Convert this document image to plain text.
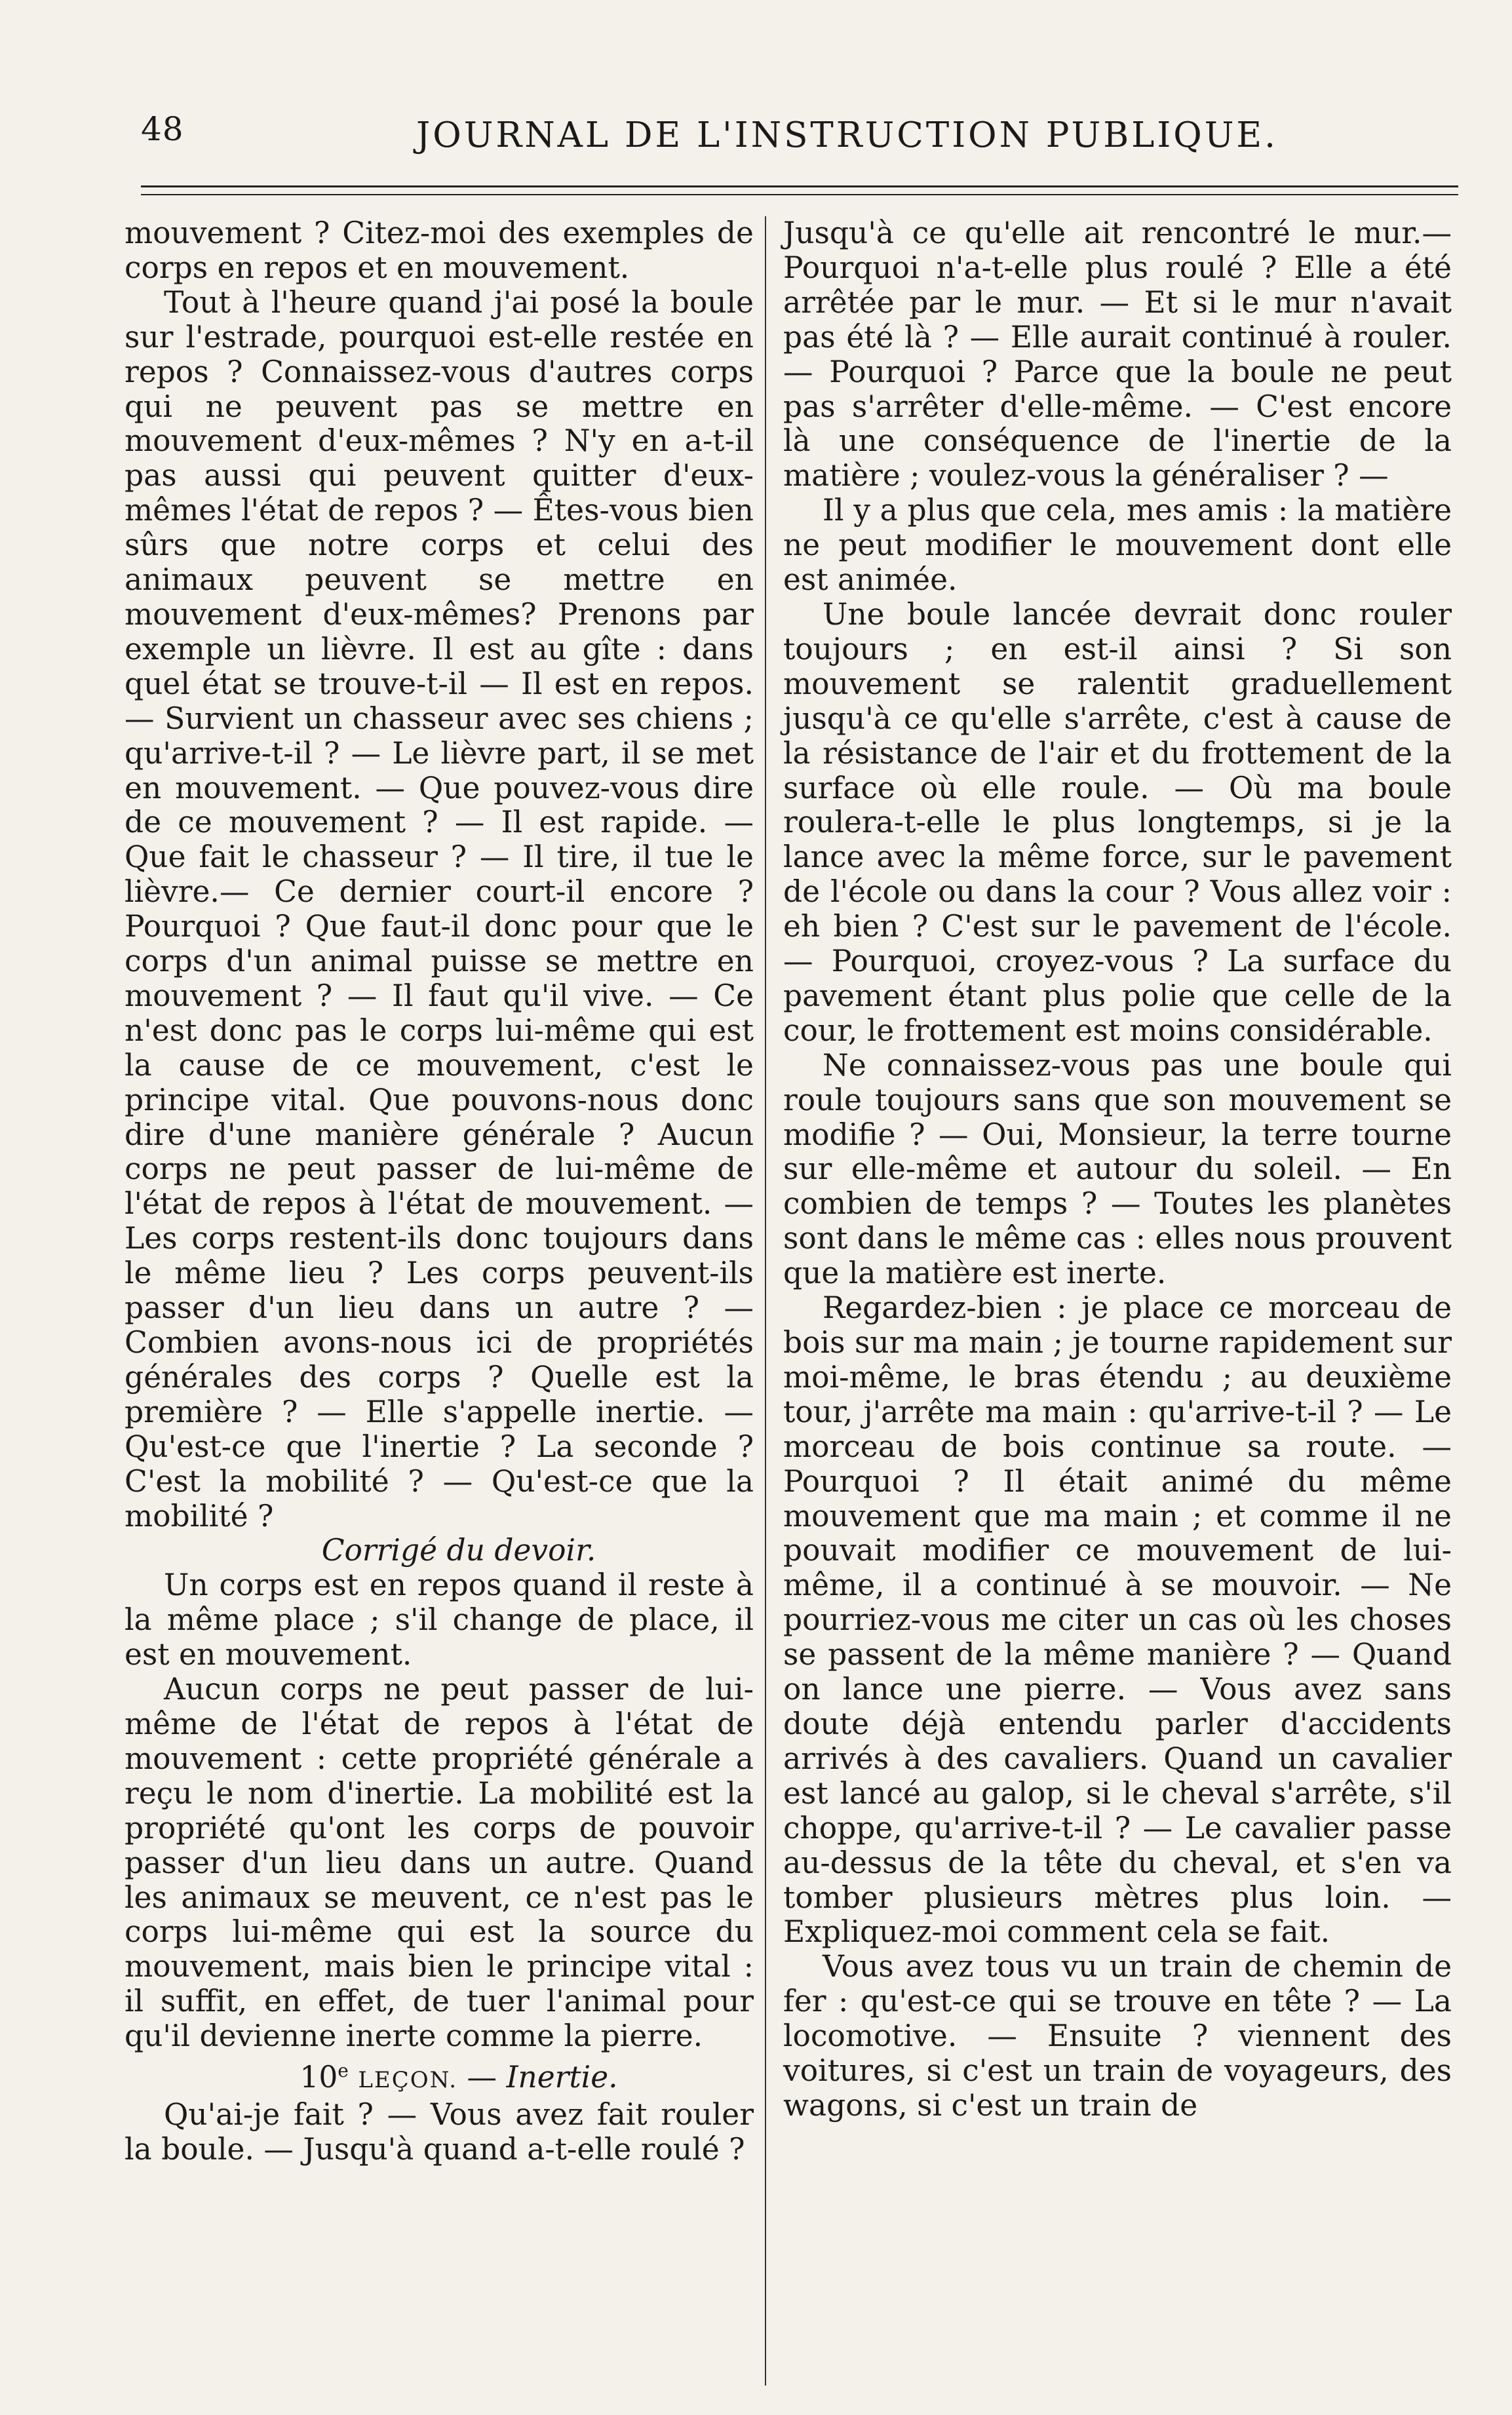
48	JOURNAL DE L'INSTRUCTION PUBLIQUE.

mouvement ? Citez-moi des exemples de corps en repos et en mouvement.

Tout à l'heure quand j'ai posé la boule sur l'estrade, pourquoi est-elle restée en repos ? Connaissez-vous d'autres corps qui ne peuvent pas se mettre en mouvement d'eux-mêmes ? N'y en a-t-il pas aussi qui peuvent quitter d'eux-mêmes l'état de repos ? — Êtes-vous bien sûrs que notre corps et celui des animaux peuvent se mettre en mouvement d'eux-mêmes? Prenons par exemple un lièvre. Il est au gîte : dans quel état se trouve-t-il — Il est en repos. — Survient un chasseur avec ses chiens ; qu'arrive-t-il ? — Le lièvre part, il se met en mouvement. — Que pouvez-vous dire de ce mouvement ? — Il est rapide. — Que fait le chasseur ? — Il tire, il tue le lièvre.— Ce dernier court-il encore ? Pourquoi ? Que faut-il donc pour que le corps d'un animal puisse se mettre en mouvement ? — Il faut qu'il vive. — Ce n'est donc pas le corps lui-même qui est la cause de ce mouvement, c'est le principe vital. Que pouvons-nous donc dire d'une manière générale ? Aucun corps ne peut passer de lui-même de l'état de repos à l'état de mouvement. — Les corps restent-ils donc toujours dans le même lieu ? Les corps peuvent-ils passer d'un lieu dans un autre ? — Combien avons-nous ici de propriétés générales des corps ? Quelle est la première ? — Elle s'appelle inertie. — Qu'est-ce que l'inertie ? La seconde ? C'est la mobilité ? — Qu'est-ce que la mobilité ?

Corrigé du devoir.

Un corps est en repos quand il reste à la même place ; s'il change de place, il est en mouvement.

Aucun corps ne peut passer de lui-même de l'état de repos à l'état de mouvement : cette propriété générale a reçu le nom d'inertie. La mobilité est la propriété qu'ont les corps de pouvoir passer d'un lieu dans un autre. Quand les animaux se meuvent, ce n'est pas le corps lui-même qui est la source du mouvement, mais bien le principe vital : il suffit, en effet, de tuer l'animal pour qu'il devienne inerte comme la pierre.

10e LEÇON. — Inertie.

Qu'ai-je fait ? — Vous avez fait rouler la boule. — Jusqu'à quand a-t-elle roulé ?

Jusqu'à ce qu'elle ait rencontré le mur.— Pourquoi n'a-t-elle plus roulé ? Elle a été arrêtée par le mur. — Et si le mur n'avait pas été là ? — Elle aurait continué à rouler. — Pourquoi ? Parce que la boule ne peut pas s'arrêter d'elle-même. — C'est encore là une conséquence de l'inertie de la matière ; voulez-vous la généraliser ? —

Il y a plus que cela, mes amis : la matière ne peut modifier le mouvement dont elle est animée.

Une boule lancée devrait donc rouler toujours ; en est-il ainsi ? Si son mouvement se ralentit graduellement jusqu'à ce qu'elle s'arrête, c'est à cause de la résistance de l'air et du frottement de la surface où elle roule. — Où ma boule roulera-t-elle le plus longtemps, si je la lance avec la même force, sur le pavement de l'école ou dans la cour ? Vous allez voir : eh bien ? C'est sur le pavement de l'école. — Pourquoi, croyez-vous ? La surface du pavement étant plus polie que celle de la cour, le frottement est moins considérable.

Ne connaissez-vous pas une boule qui roule toujours sans que son mouvement se modifie ? — Oui, Monsieur, la terre tourne sur elle-même et autour du soleil. — En combien de temps ? — Toutes les planètes sont dans le même cas : elles nous prouvent que la matière est inerte.

Regardez-bien : je place ce morceau de bois sur ma main ; je tourne rapidement sur moi-même, le bras étendu ; au deuxième tour, j'arrête ma main : qu'arrive-t-il ? — Le morceau de bois continue sa route. — Pourquoi ? Il était animé du même mouvement que ma main ; et comme il ne pouvait modifier ce mouvement de lui-même, il a continué à se mouvoir. — Ne pourriez-vous me citer un cas où les choses se passent de la même manière ? — Quand on lance une pierre. — Vous avez sans doute déjà entendu parler d'accidents arrivés à des cavaliers. Quand un cavalier est lancé au galop, si le cheval s'arrête, s'il choppe, qu'arrive-t-il ? — Le cavalier passe au-dessus de la tête du cheval, et s'en va tomber plusieurs mètres plus loin. — Expliquez-moi comment cela se fait.

Vous avez tous vu un train de chemin de fer : qu'est-ce qui se trouve en tête ? — La locomotive. — Ensuite ? viennent des voitures, si c'est un train de voyageurs, des wagons, si c'est un train de
